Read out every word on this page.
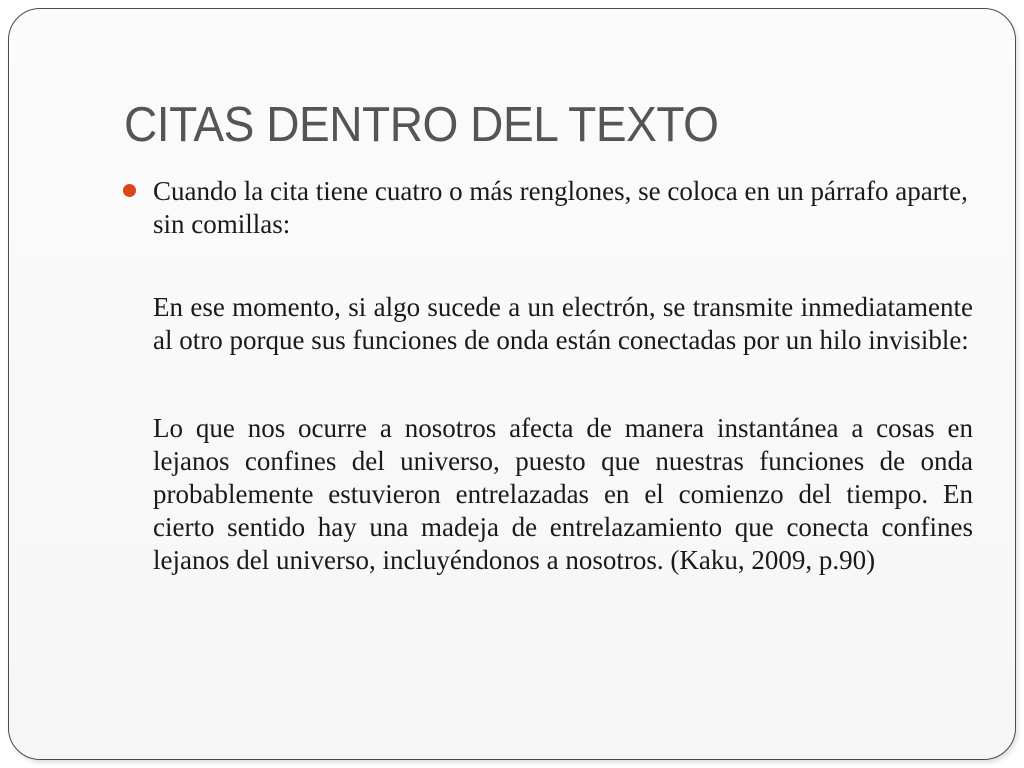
CITAS DENTRO DEL TEXTO

Cuando la cita tiene cuatro o más renglones, se coloca en un párrafo aparte, sin comillas:

En ese momento, si algo sucede a un electrón, se transmite inmediatamente al otro porque sus funciones de onda están conectadas por un hilo invisible:

Lo que nos ocurre a nosotros afecta de manera instantánea a cosas en lejanos confines del universo, puesto que nuestras funciones de onda probablemente estuvieron entrelazadas en el comienzo del tiempo. En cierto sentido hay una madeja de entrelazamiento que conecta confines lejanos del universo, incluyéndonos a nosotros. (Kaku, 2009, p.90)
